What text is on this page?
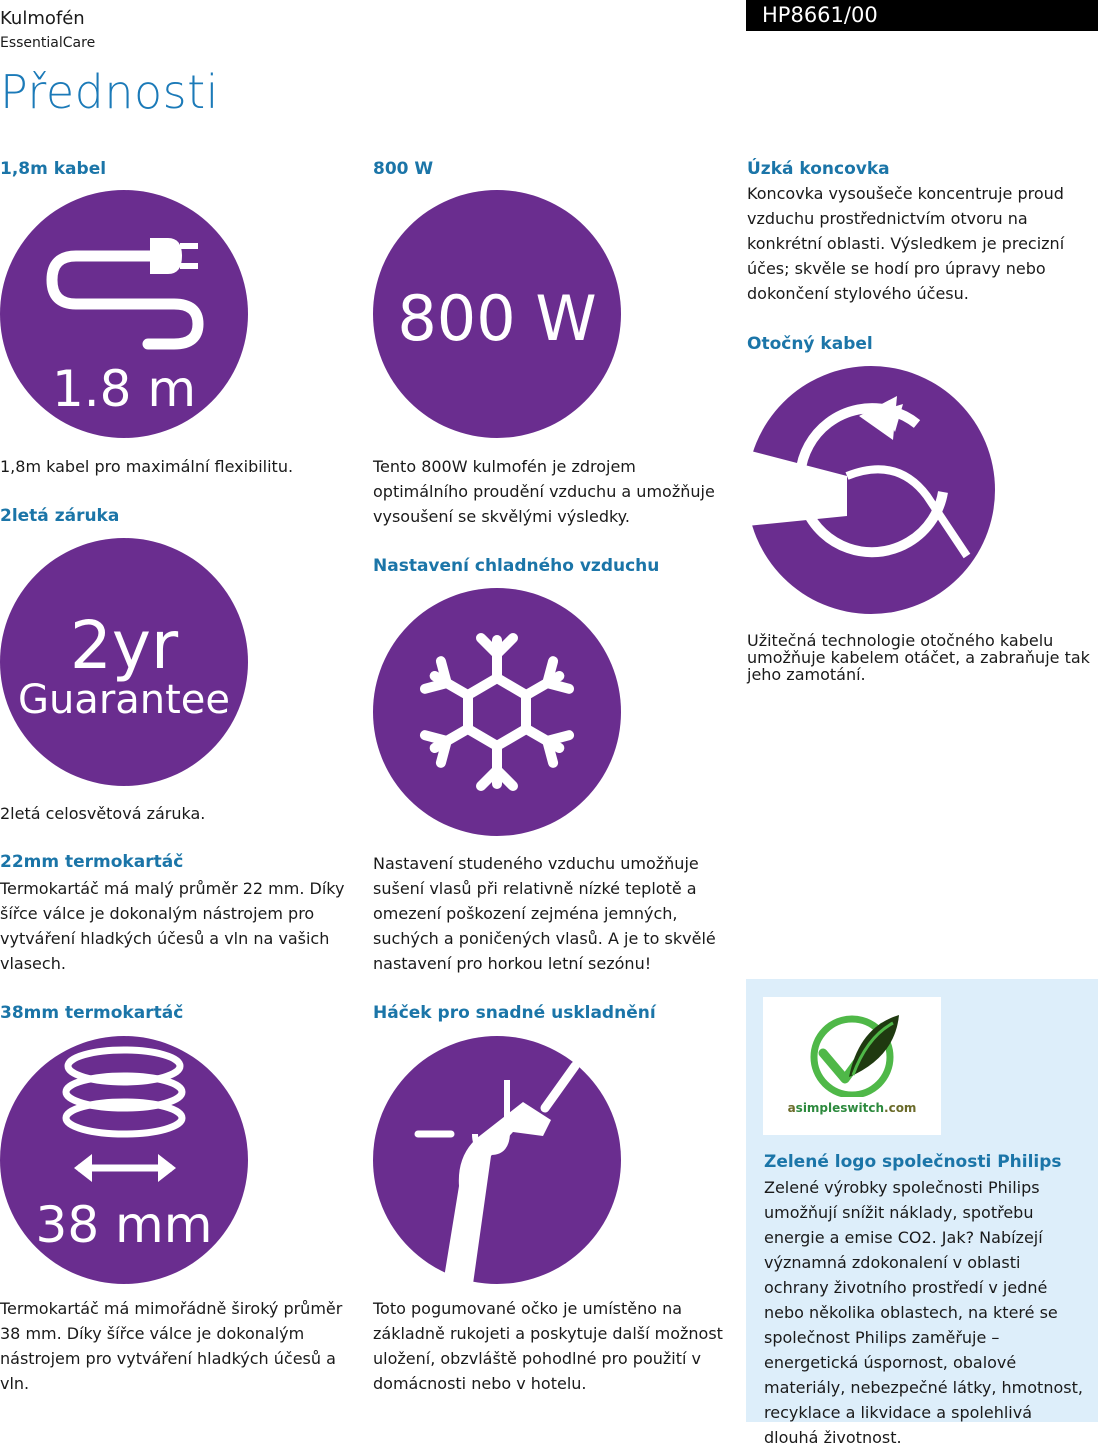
Kulmofén
EssentialCare
HP8661/00
Přednosti
1,8m kabel
1.8 m
1,8m kabel pro maximální flexibilitu.
2letá záruka
2yr
Guarantee
2letá celosvětová záruka.
22mm termokartáč
Termokartáč má malý průměr 22 mm. Díky šířce válce je dokonalým nástrojem pro vytváření hladkých účesů a vln na vašich vlasech.
38mm termokartáč
38 mm
Termokartáč má mimořádně široký průměr 38 mm. Díky šířce válce je dokonalým nástrojem pro vytváření hladkých účesů a vln.
800 W
800 W
Tento 800W kulmofén je zdrojem optimálního proudění vzduchu a umožňuje vysoušení se skvělými výsledky.
Nastavení chladného vzduchu
Nastavení studeného vzduchu umožňuje sušení vlasů při relativně nízké teplotě a omezení poškození zejména jemných, suchých a poničených vlasů. A je to skvělé nastavení pro horkou letní sezónu!
Háček pro snadné uskladnění
Toto pogumované očko je umístěno na základně rukojeti a poskytuje další možnost uložení, obzvláště pohodlné pro použití v domácnosti nebo v hotelu.
Úzká koncovka
Koncovka vysoušeče koncentruje proud vzduchu prostřednictvím otvoru na konkrétní oblasti. Výsledkem je precizní účes; skvěle se hodí pro úpravy nebo dokončení stylového účesu.
Otočný kabel
Užitečná technologie otočného kabelu umožňuje kabelem otáčet, a zabraňuje tak jeho zamotání.
asimpleswitch.com
Zelené logo společnosti Philips
Zelené výrobky společnosti Philips umožňují snížit náklady, spotřebu energie a emise CO2. Jak? Nabízejí významná zdokonalení v oblasti ochrany životního prostředí v jedné nebo několika oblastech, na které se společnost Philips zaměřuje – energetická úspornost, obalové materiály, nebezpečné látky, hmotnost, recyklace a likvidace a spolehlivá dlouhá životnost.
